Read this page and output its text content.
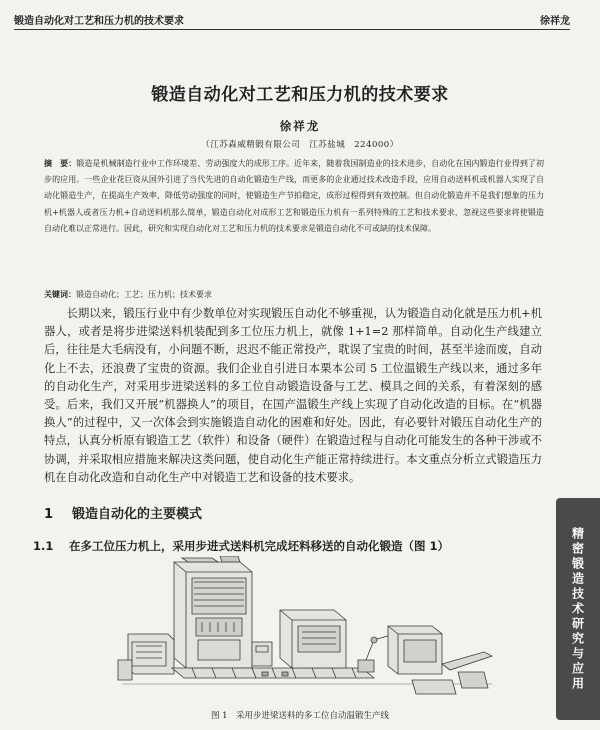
锻造自动化对工艺和压力机的技术要求	徐祥龙
锻造自动化对工艺和压力机的技术要求
徐祥龙
（江苏森威精锻有限公司　江苏盐城　224000）
摘　要：锻造是机械制造行业中工作环境差、劳动强度大的成形工序。近年来，随着我国制造业的技术进步，自动化在国内锻造行业得到了初步的应用。一些企业花巨资从国外引进了当代先进的自动化锻造生产线，而更多的企业通过技术改造手段，应用自动送料机或机器人实现了自动化锻造生产，在提高生产效率、降低劳动强度的同时，使锻造生产节拍稳定，成形过程得到有效控制。但自动化锻造并不是我们想象的压力机+机器人或者压力机+自动送料机那么简单，锻造自动化对成形工艺和锻造压力机有一系列特殊的工艺和技术要求，忽视这些要求将使锻造自动化难以正常进行。因此，研究和实现自动化对工艺和压力机的技术要求是锻造自动化不可或缺的技术保障。
关键词：锻造自动化；工艺；压力机；技术要求

长期以来，锻压行业中有少数单位对实现锻压自动化不够重视，认为锻造自动化就是压力机+机器人，或者是将步进梁送料机装配到多工位压力机上，就像 1+1=2 那样简单。自动化生产线建立后，往往是大毛病没有，小问题不断，迟迟不能正常投产，耽误了宝贵的时间，甚至半途而废，自动化上不去，还浪费了宝贵的资源。我们企业自引进日本栗本公司 5 工位温锻生产线以来，通过多年的自动化生产，对采用步进梁送料的多工位自动锻造设备与工艺、模具之间的关系，有着深刻的感受。后来，我们又开展“机器换人”的项目，在国产温锻生产线上实现了自动化改造的目标。在“机器换人”的过程中，又一次体会到实施锻造自动化的困难和好处。因此，有必要针对锻压自动化生产的特点，认真分析原有锻造工艺（软件）和设备（硬件）在锻造过程与自动化可能发生的各种干涉或不协调，并采取相应措施来解决这类问题，使自动化生产能正常持续进行。本文重点分析立式锻造压力机在自动化改造和自动化生产中对锻造工艺和设备的技术要求。

1 锻造自动化的主要模式
1.1 在多工位压力机上，采用步进式送料机完成坯料移送的自动化锻造（图 1）
图 1　采用步进梁送料的多工位自动温锻生产线
精密锻造技术研究与应用
